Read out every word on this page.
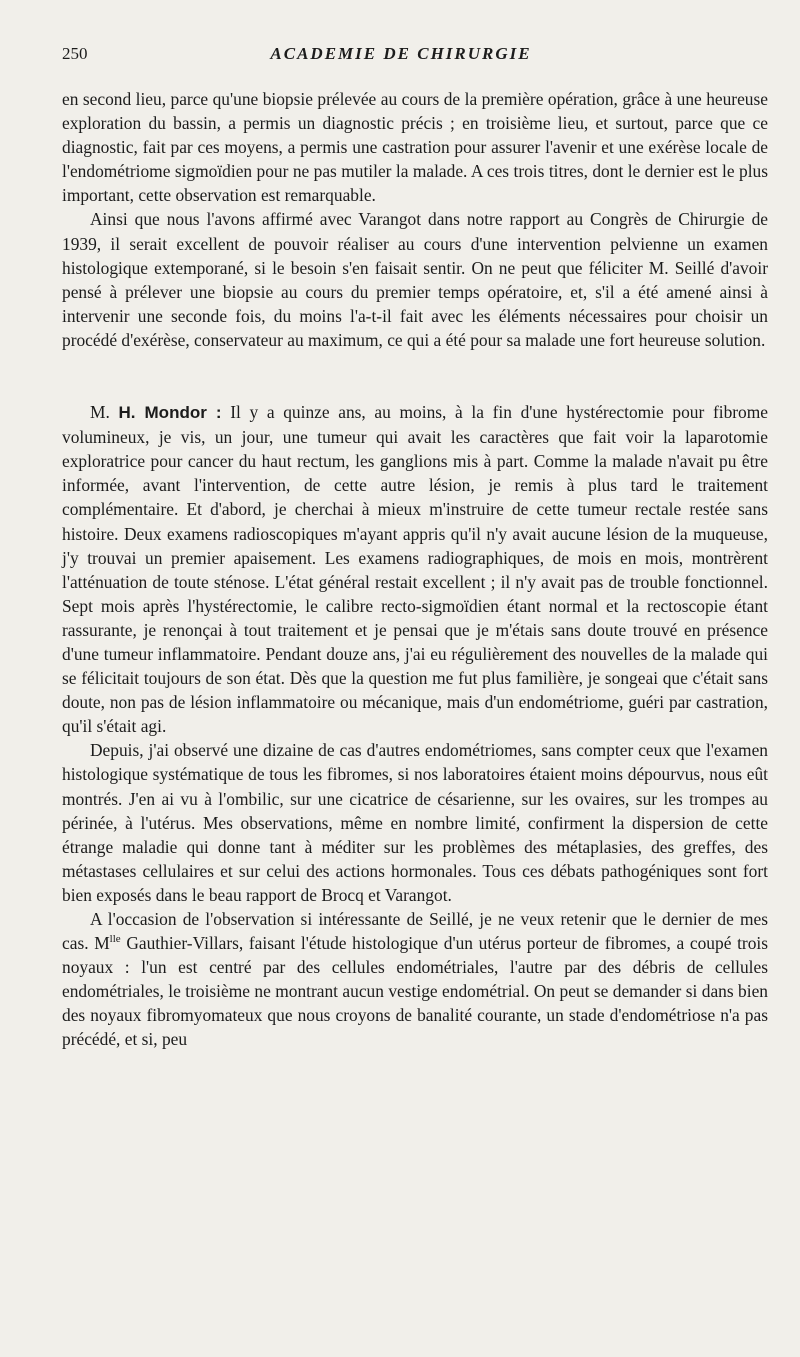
250	ACADEMIE DE CHIRURGIE

en second lieu, parce qu'une biopsie prélevée au cours de la première opération, grâce à une heureuse exploration du bassin, a permis un diagnostic précis ; en troisième lieu, et surtout, parce que ce diagnostic, fait par ces moyens, a permis une castration pour assurer l'avenir et une exérèse locale de l'endométriome sigmoïdien pour ne pas mutiler la malade. A ces trois titres, dont le dernier est le plus important, cette observation est remarquable.

Ainsi que nous l'avons affirmé avec Varangot dans notre rapport au Congrès de Chirurgie de 1939, il serait excellent de pouvoir réaliser au cours d'une intervention pelvienne un examen histologique extemporané, si le besoin s'en faisait sentir. On ne peut que féliciter M. Seillé d'avoir pensé à prélever une biopsie au cours du premier temps opératoire, et, s'il a été amené ainsi à intervenir une seconde fois, du moins l'a-t-il fait avec les éléments nécessaires pour choisir un procédé d'exérèse, conservateur au maximum, ce qui a été pour sa malade une fort heureuse solution.

M. H. Mondor : Il y a quinze ans, au moins, à la fin d'une hystérectomie pour fibrome volumineux, je vis, un jour, une tumeur qui avait les caractères que fait voir la laparotomie exploratrice pour cancer du haut rectum, les ganglions mis à part. Comme la malade n'avait pu être informée, avant l'intervention, de cette autre lésion, je remis à plus tard le traitement complémentaire. Et d'abord, je cherchai à mieux m'instruire de cette tumeur rectale restée sans histoire. Deux examens radioscopiques m'ayant appris qu'il n'y avait aucune lésion de la muqueuse, j'y trouvai un premier apaisement. Les examens radiographiques, de mois en mois, montrèrent l'atténuation de toute sténose. L'état général restait excellent ; il n'y avait pas de trouble fonctionnel. Sept mois après l'hystérectomie, le calibre recto-sigmoïdien étant normal et la rectoscopie étant rassurante, je renonçai à tout traitement et je pensai que je m'étais sans doute trouvé en présence d'une tumeur inflammatoire. Pendant douze ans, j'ai eu régulièrement des nouvelles de la malade qui se félicitait toujours de son état. Dès que la question me fut plus familière, je songeai que c'était sans doute, non pas de lésion inflammatoire ou mécanique, mais d'un endométriome, guéri par castration, qu'il s'était agi.

Depuis, j'ai observé une dizaine de cas d'autres endométriomes, sans compter ceux que l'examen histologique systématique de tous les fibromes, si nos laboratoires étaient moins dépourvus, nous eût montrés. J'en ai vu à l'ombilic, sur une cicatrice de césarienne, sur les ovaires, sur les trompes au périnée, à l'utérus. Mes observations, même en nombre limité, confirment la dispersion de cette étrange maladie qui donne tant à méditer sur les problèmes des métaplasies, des greffes, des métastases cellulaires et sur celui des actions hormonales. Tous ces débats pathogéniques sont fort bien exposés dans le beau rapport de Brocq et Varangot.

A l'occasion de l'observation si intéressante de Seillé, je ne veux retenir que le dernier de mes cas. $M^{lle}$ Gauthier-Villars, faisant l'étude histologique d'un utérus porteur de fibromes, a coupé trois noyaux : l'un est centré par des cellules endométriales, l'autre par des débris de cellules endométriales, le troisième ne montrant aucun vestige endométrial. On peut se demander si dans bien des noyaux fibromyomateux que nous croyons de banalité courante, un stade d'endométriose n'a pas précédé, et si, peu
